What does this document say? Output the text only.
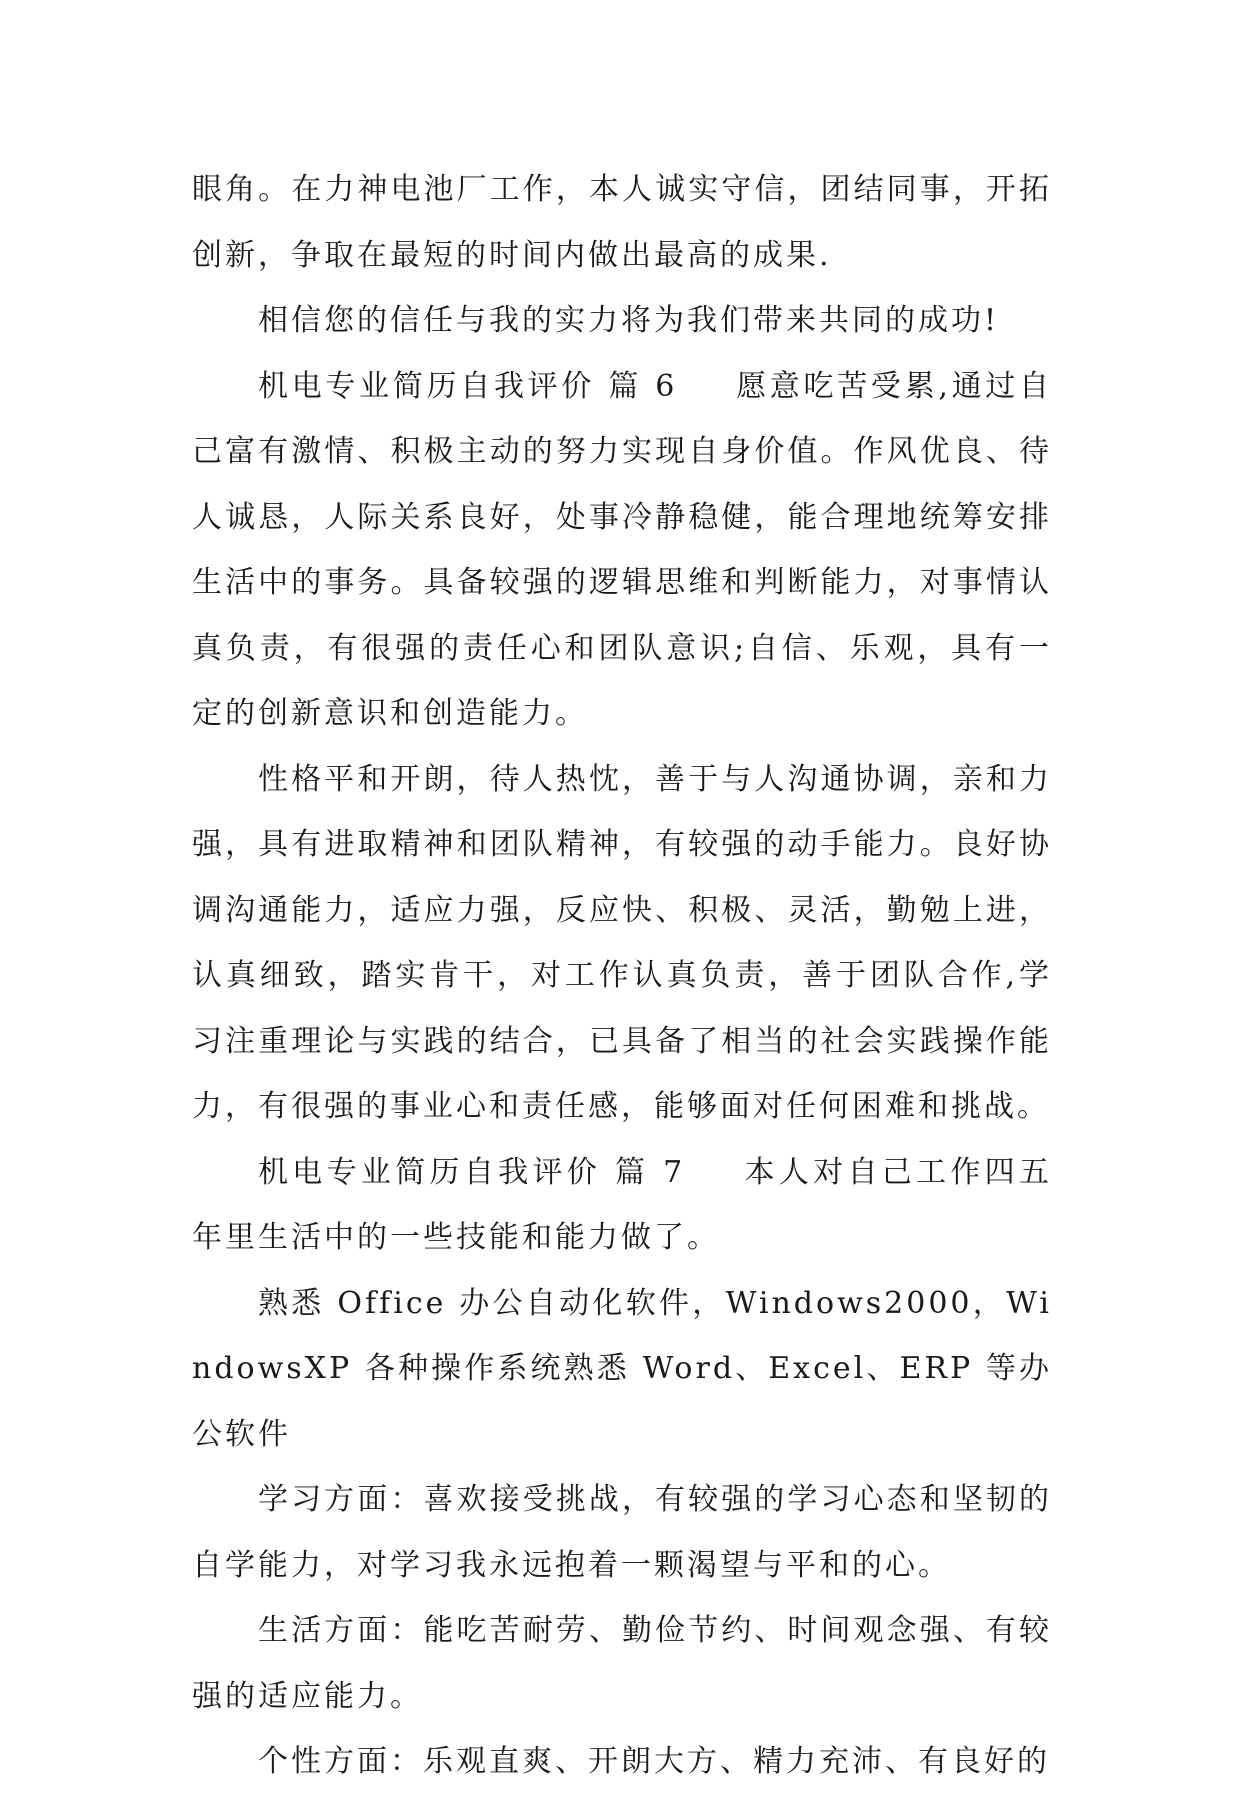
眼角。在力神电池厂工作，本人诚实守信，团结同事，开拓创新，争取在最短的时间内做出最高的成果.

相信您的信任与我的实力将为我们带来共同的成功!

机电专业简历自我评价 篇 6 愿意吃苦受累,通过自己富有激情、积极主动的努力实现自身价值。作风优良、待人诚恳，人际关系良好，处事冷静稳健，能合理地统筹安排生活中的事务。具备较强的逻辑思维和判断能力，对事情认真负责，有很强的责任心和团队意识;自信、乐观，具有一定的创新意识和创造能力。

性格平和开朗，待人热忱，善于与人沟通协调，亲和力强，具有进取精神和团队精神，有较强的动手能力。良好协调沟通能力，适应力强，反应快、积极、灵活，勤勉上进，认真细致，踏实肯干，对工作认真负责，善于团队合作,学习注重理论与实践的结合，已具备了相当的社会实践操作能力，有很强的事业心和责任感，能够面对任何困难和挑战。

机电专业简历自我评价 篇 7 本人对自己工作四五年里生活中的一些技能和能力做了。

熟悉 Office 办公自动化软件，Windows2000，WindowsXP 各种操作系统熟悉 Word、Excel、ERP 等办公软件

学习方面：喜欢接受挑战，有较强的学习心态和坚韧的自学能力，对学习我永远抱着一颗渴望与平和的心。

生活方面：能吃苦耐劳、勤俭节约、时间观念强、有较强的适应能力。

个性方面：乐观直爽、开朗大方、精力充沛、有良好的
